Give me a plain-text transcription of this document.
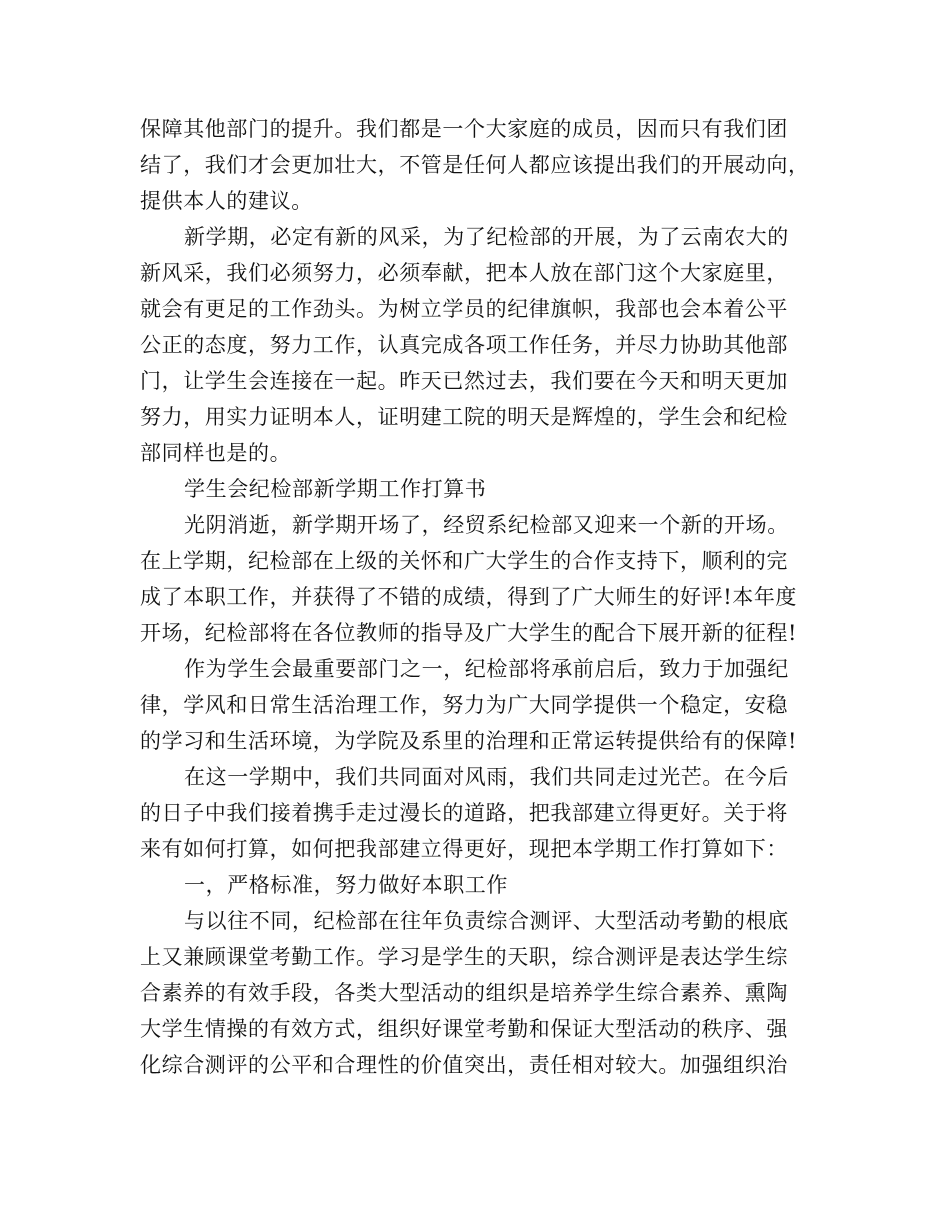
保障其他部门的提升。我们都是一个大家庭的成员，因而只有我们团
结了，我们才会更加壮大，不管是任何人都应该提出我们的开展动向，
提供本人的建议。
新学期，必定有新的风采，为了纪检部的开展，为了云南农大的
新风采，我们必须努力，必须奉献，把本人放在部门这个大家庭里，
就会有更足的工作劲头。为树立学员的纪律旗帜，我部也会本着公平
公正的态度，努力工作，认真完成各项工作任务，并尽力协助其他部
门，让学生会连接在一起。昨天已然过去，我们要在今天和明天更加
努力，用实力证明本人，证明建工院的明天是辉煌的，学生会和纪检
部同样也是的。
学生会纪检部新学期工作打算书
光阴消逝，新学期开场了，经贸系纪检部又迎来一个新的开场。
在上学期，纪检部在上级的关怀和广大学生的合作支持下，顺利的完
成了本职工作，并获得了不错的成绩，得到了广大师生的好评!本年度
开场，纪检部将在各位教师的指导及广大学生的配合下展开新的征程!
作为学生会最重要部门之一，纪检部将承前启后，致力于加强纪
律，学风和日常生活治理工作，努力为广大同学提供一个稳定，安稳
的学习和生活环境，为学院及系里的治理和正常运转提供给有的保障!
在这一学期中，我们共同面对风雨，我们共同走过光芒。在今后
的日子中我们接着携手走过漫长的道路，把我部建立得更好。关于将
来有如何打算，如何把我部建立得更好，现把本学期工作打算如下：
一，严格标准，努力做好本职工作
与以往不同，纪检部在往年负责综合测评、大型活动考勤的根底
上又兼顾课堂考勤工作。学习是学生的天职，综合测评是表达学生综
合素养的有效手段，各类大型活动的组织是培养学生综合素养、熏陶
大学生情操的有效方式，组织好课堂考勤和保证大型活动的秩序、强
化综合测评的公平和合理性的价值突出，责任相对较大。加强组织治
